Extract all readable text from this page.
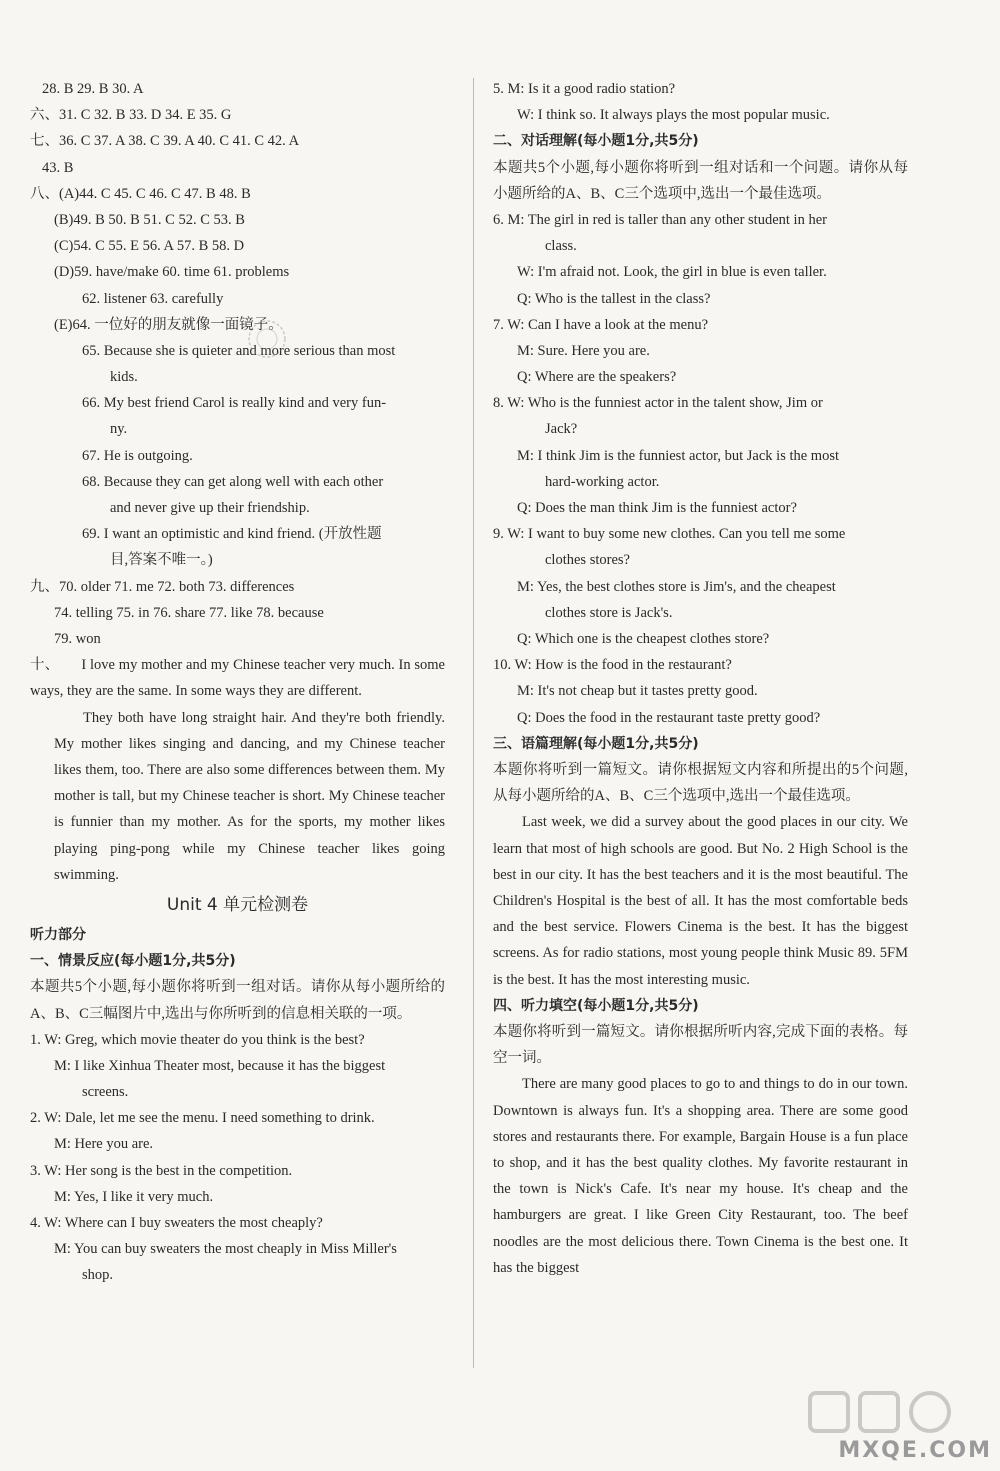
28. B 29. B 30. A
六、31. C 32. B 33. D 34. E 35. G
七、36. C 37. A 38. C 39. A 40. C 41. C 42. A
43. B
八、(A)44. C 45. C 46. C 47. B 48. B
(B)49. B 50. B 51. C 52. C 53. B
(C)54. C 55. E 56. A 57. B 58. D
(D)59. have/make 60. time 61. problems
62. listener 63. carefully
(E)64. 一位好的朋友就像一面镜子。
65. Because she is quieter and more serious than most
kids.
66. My best friend Carol is really kind and very fun-
ny.
67. He is outgoing.
68. Because they can get along well with each other
and never give up their friendship.
69. I want an optimistic and kind friend. (开放性题
目,答案不唯一。)
九、70. older 71. me 72. both 73. differences
74. telling 75. in 76. share 77. like 78. because
79. won
十、 I love my mother and my Chinese teacher very much. In some ways, they are the same. In some ways they are different.
They both have long straight hair. And they're both friendly. My mother likes singing and dancing, and my Chinese teacher likes them, too. There are also some differences between them. My mother is tall, but my Chinese teacher is short. My Chinese teacher is funnier than my mother. As for the sports, my mother likes playing ping-pong while my Chinese teacher likes going swimming.
Unit 4 单元检测卷
听力部分
一、情景反应(每小题1分,共5分)
本题共5个小题,每小题你将听到一组对话。请你从每小题所给的A、B、C三幅图片中,选出与你所听到的信息相关联的一项。
1. W: Greg, which movie theater do you think is the best?
M: I like Xinhua Theater most, because it has the biggest
screens.
2. W: Dale, let me see the menu. I need something to drink.
M: Here you are.
3. W: Her song is the best in the competition.
M: Yes, I like it very much.
4. W: Where can I buy sweaters the most cheaply?
M: You can buy sweaters the most cheaply in Miss Miller's
shop.
5. M: Is it a good radio station?
W: I think so. It always plays the most popular music.
二、对话理解(每小题1分,共5分)
本题共5个小题,每小题你将听到一组对话和一个问题。请你从每小题所给的A、B、C三个选项中,选出一个最佳选项。
6. M: The girl in red is taller than any other student in her
class.
W: I'm afraid not. Look, the girl in blue is even taller.
Q: Who is the tallest in the class?
7. W: Can I have a look at the menu?
M: Sure. Here you are.
Q: Where are the speakers?
8. W: Who is the funniest actor in the talent show, Jim or
Jack?
M: I think Jim is the funniest actor, but Jack is the most
hard-working actor.
Q: Does the man think Jim is the funniest actor?
9. W: I want to buy some new clothes. Can you tell me some
clothes stores?
M: Yes, the best clothes store is Jim's, and the cheapest
clothes store is Jack's.
Q: Which one is the cheapest clothes store?
10. W: How is the food in the restaurant?
M: It's not cheap but it tastes pretty good.
Q: Does the food in the restaurant taste pretty good?
三、语篇理解(每小题1分,共5分)
本题你将听到一篇短文。请你根据短文内容和所提出的5个问题,从每小题所给的A、B、C三个选项中,选出一个最佳选项。
Last week, we did a survey about the good places in our city. We learn that most of high schools are good. But No. 2 High School is the best in our city. It has the best teachers and it is the most beautiful. The Children's Hospital is the best of all. It has the most comfortable beds and the best service. Flowers Cinema is the best. It has the biggest screens. As for radio stations, most young people think Music 89. 5FM is the best. It has the most interesting music.
四、听力填空(每小题1分,共5分)
本题你将听到一篇短文。请你根据所听内容,完成下面的表格。每空一词。
There are many good places to go to and things to do in our town. Downtown is always fun. It's a shopping area. There are some good stores and restaurants there. For example, Bargain House is a fun place to shop, and it has the best quality clothes. My favorite restaurant in the town is Nick's Cafe. It's near my house. It's cheap and the hamburgers are great. I like Green City Restaurant, too. The beef noodles are the most delicious there. Town Cinema is the best one. It has the biggest
MXQE.COM
